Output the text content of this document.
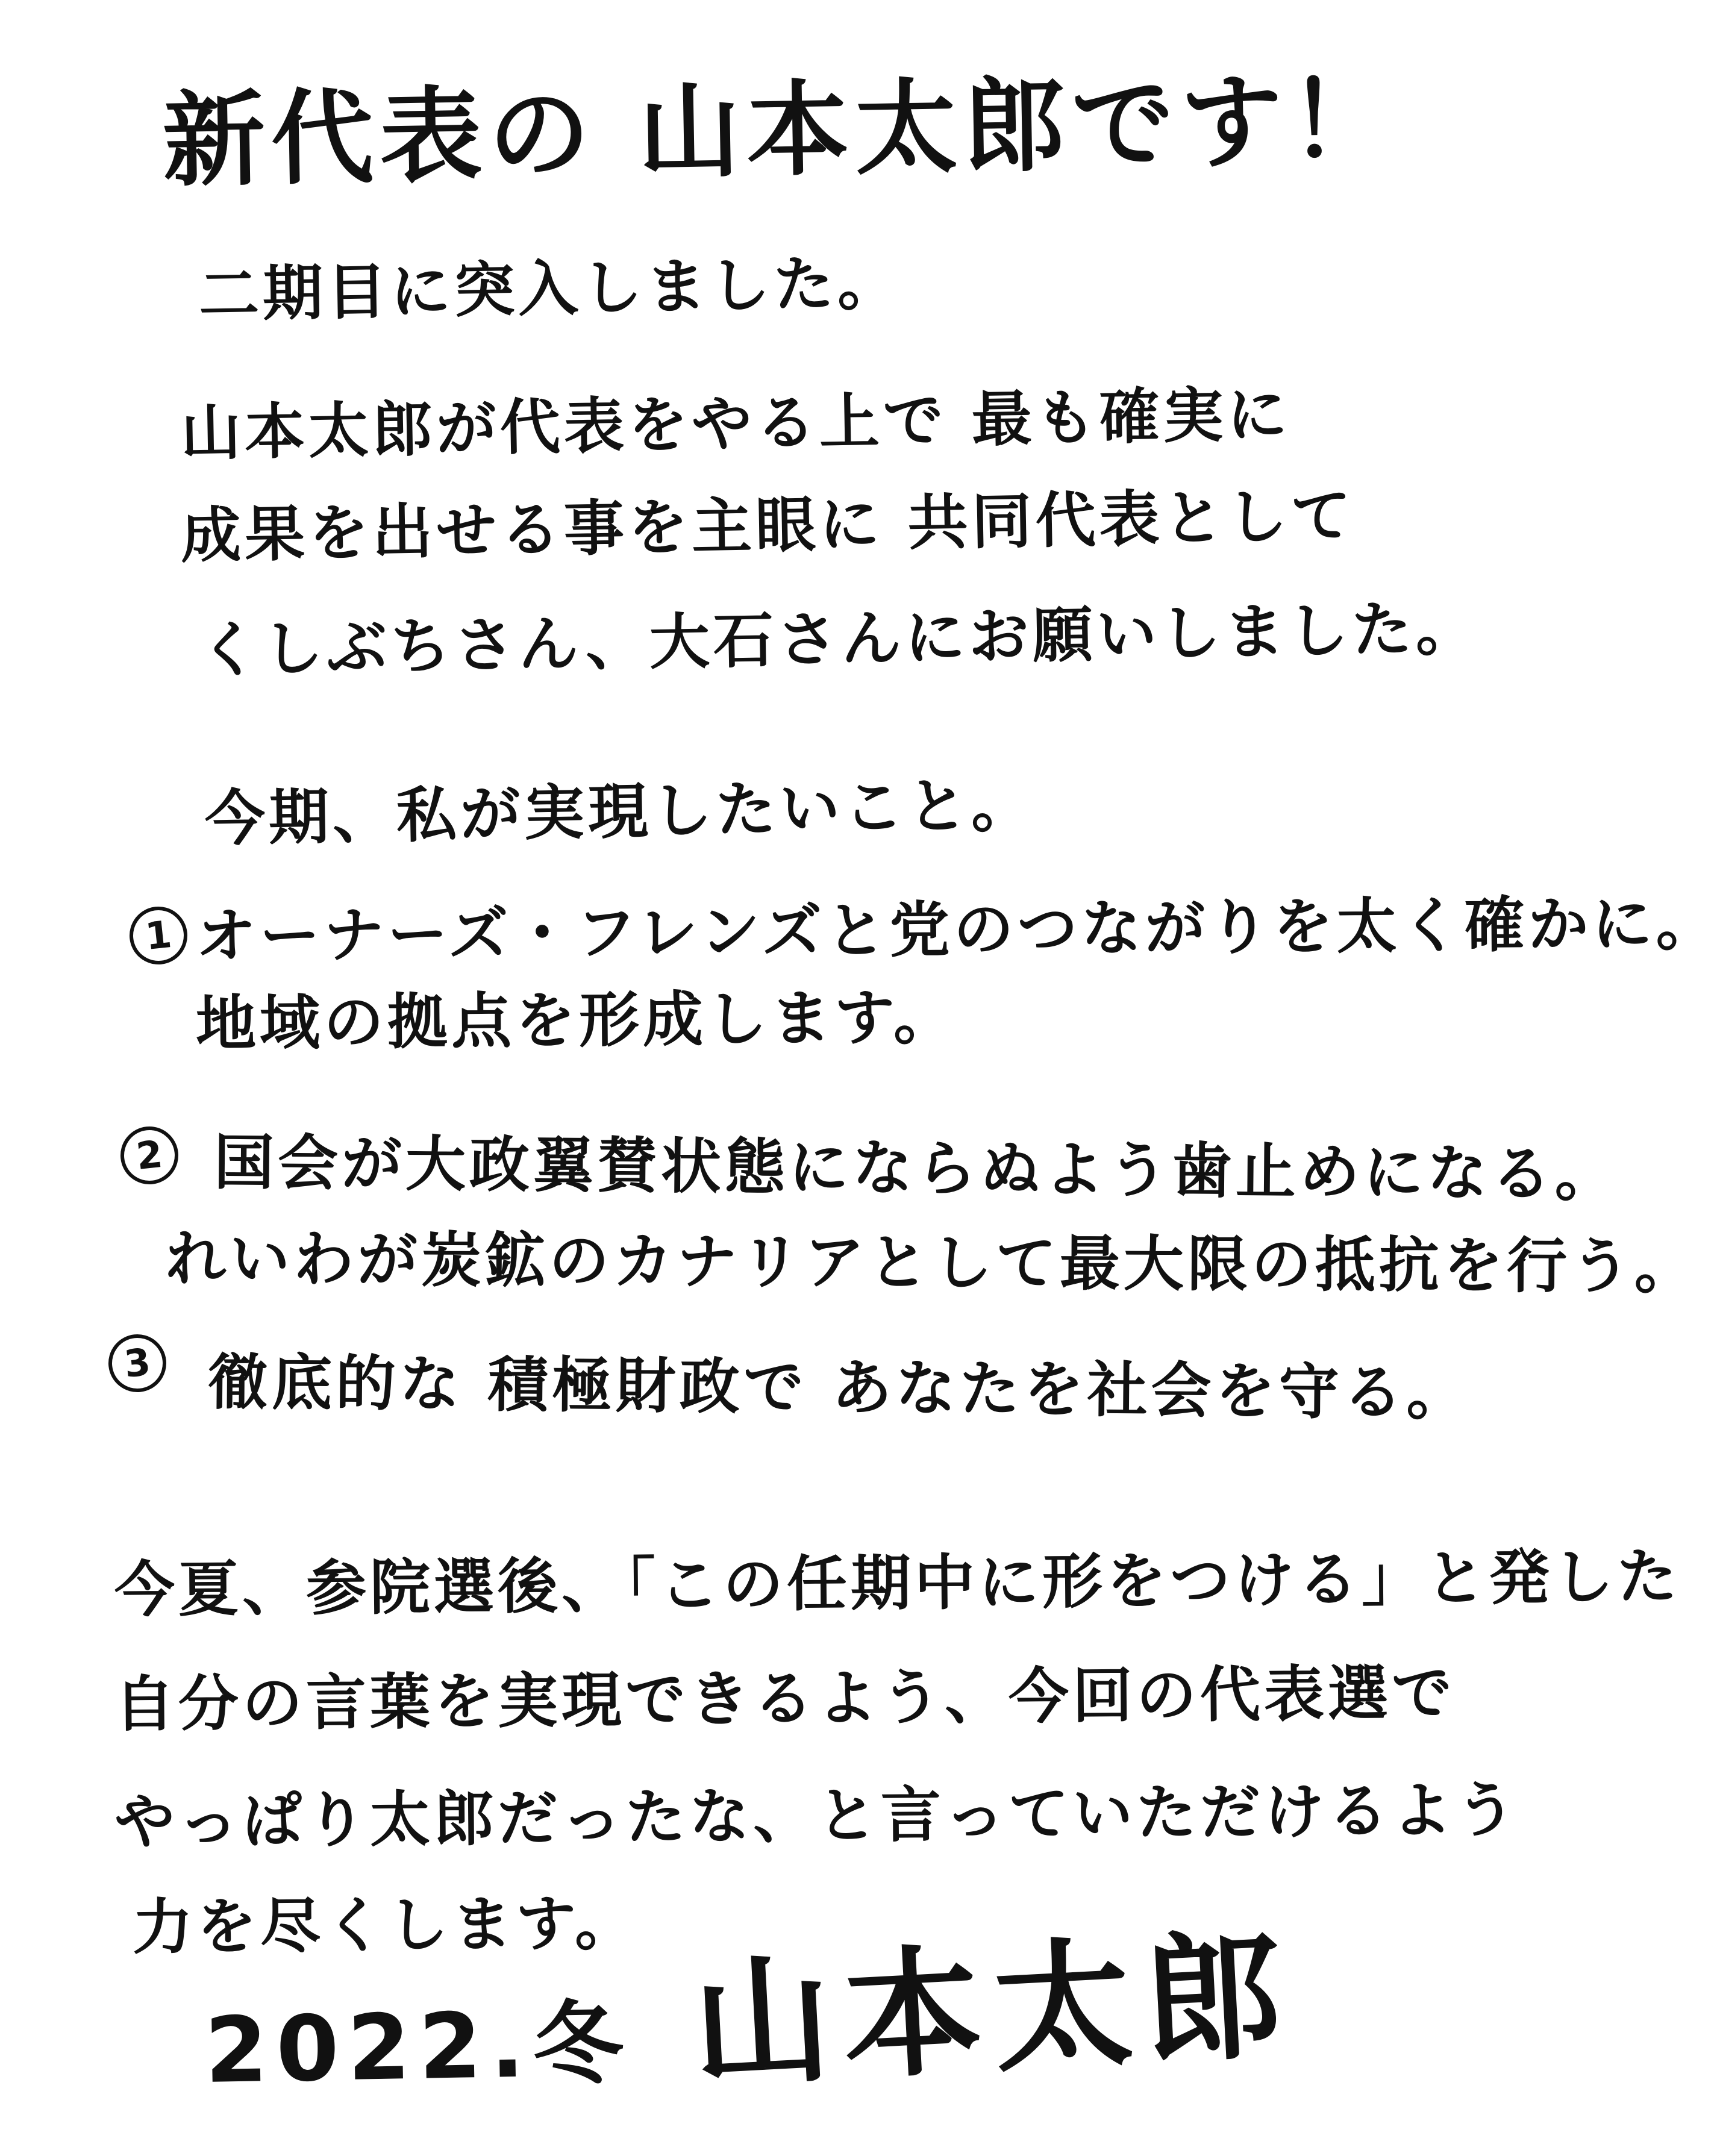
新代表の 山本太郎です！
二期目に突入しました。
山本太郎が代表をやる上で 最も確実に
成果を出せる事を主眼に 共同代表として
くしぶちさん、大石さんにお願いしました。
今期、私が実現したいこと。
1 オーナーズ・フレンズと党のつながりを太く確かに。
地域の拠点を形成します。
2 国会が大政翼賛状態にならぬよう歯止めになる。
れいわが炭鉱のカナリアとして最大限の抵抗を行う。
3 徹底的な 積極財政で あなたを社会を守る。
今夏、参院選後、「この任期中に形をつける」と発した
自分の言葉を実現できるよう、今回の代表選で
やっぱり太郎だったな、と言っていただけるよう
力を尽くします。
2022.冬 山本太郎
